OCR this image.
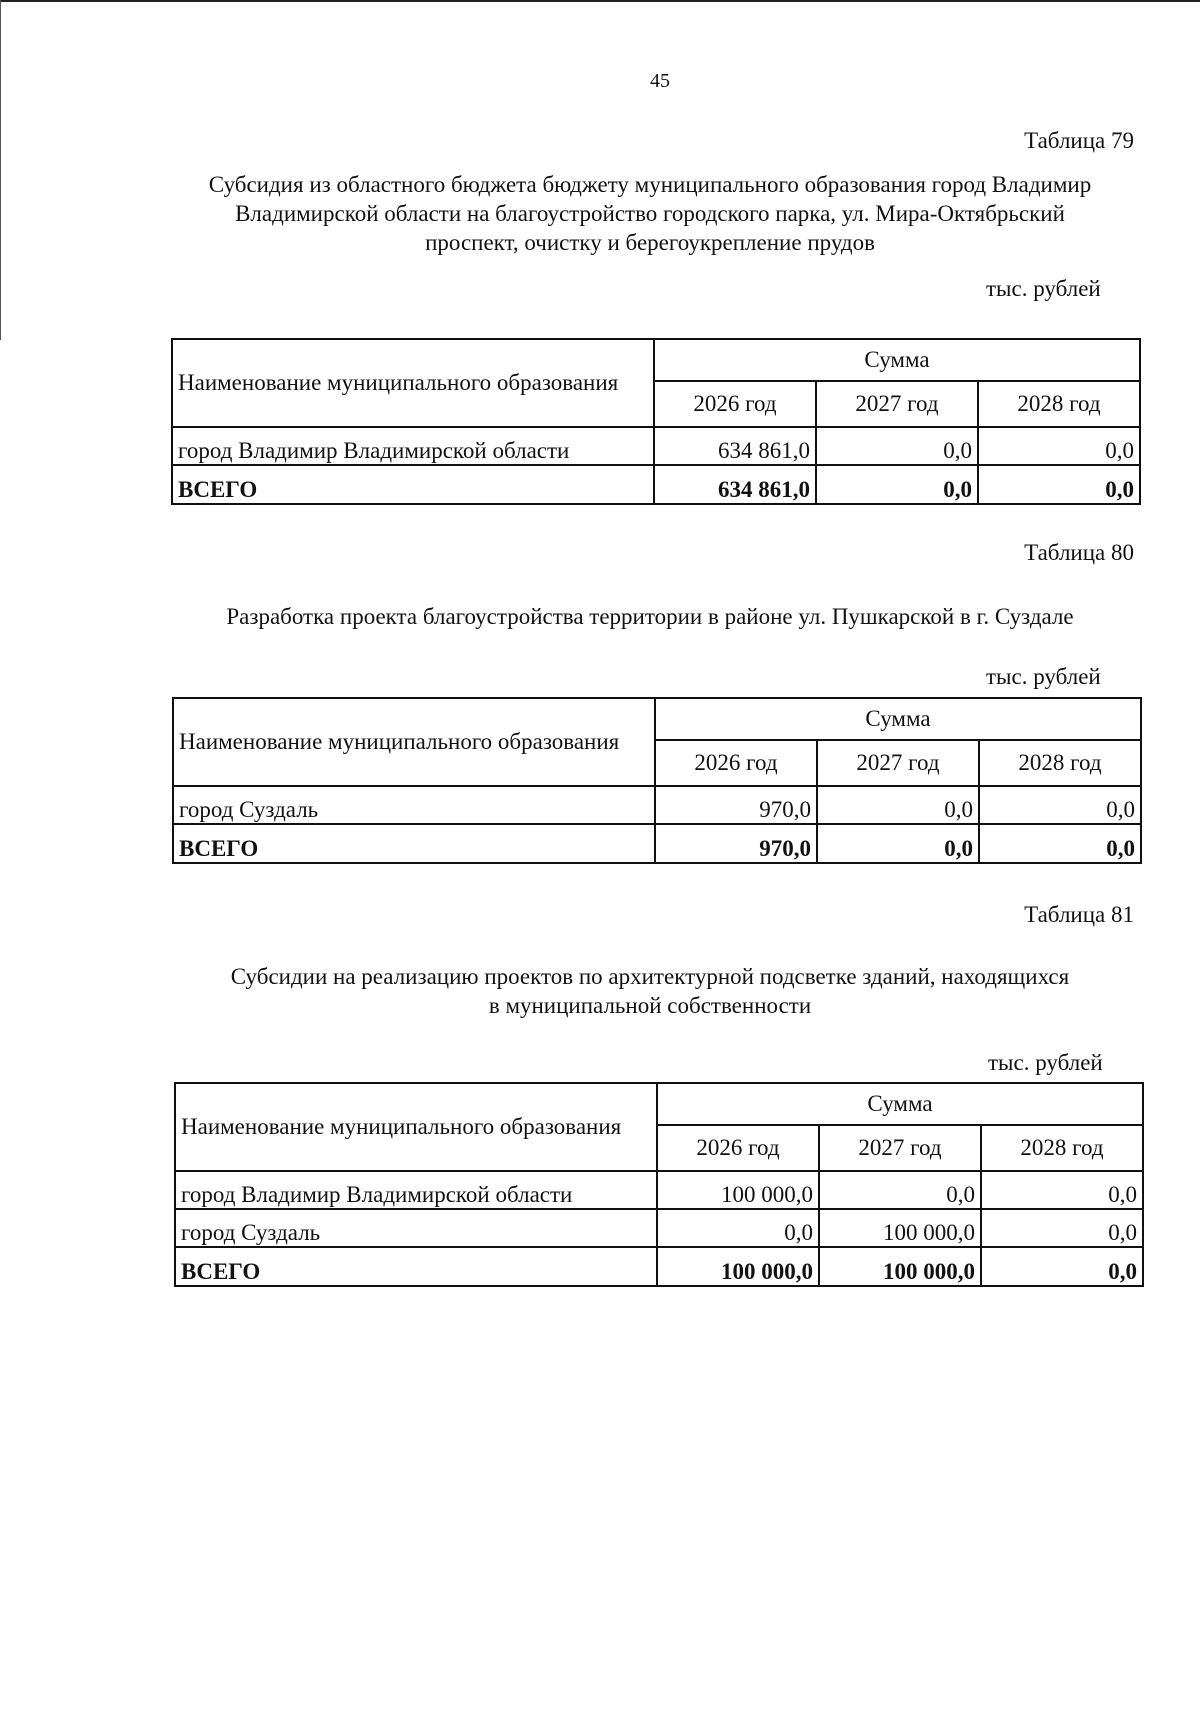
45
Таблица 79
Субсидия из областного бюджета бюджету муниципального образования город Владимир
Владимирской области на благоустройство городского парка, ул. Мира-Октябрьский
проспект, очистку и берегоукрепление прудов
тыс. рублей
Наименование муниципального образования	Сумма		
	2026 год	2027 год	2028 год
город Владимир Владимирской области	634 861,0	0,0	0,0
ВСЕГО	634 861,0	0,0	0,0
Таблица 80
Разработка проекта благоустройства территории в районе ул. Пушкарской в г. Суздале
тыс. рублей
Наименование муниципального образования	Сумма		
	2026 год	2027 год	2028 год
город Суздаль	970,0	0,0	0,0
ВСЕГО	970,0	0,0	0,0
Таблица 81
Субсидии на реализацию проектов по архитектурной подсветке зданий, находящихся
в муниципальной собственности
тыс. рублей
Наименование муниципального образования	Сумма		
	2026 год	2027 год	2028 год
город Владимир Владимирской области	100 000,0	0,0	0,0
город Суздаль	0,0	100 000,0	0,0
ВСЕГО	100 000,0	100 000,0	0,0
